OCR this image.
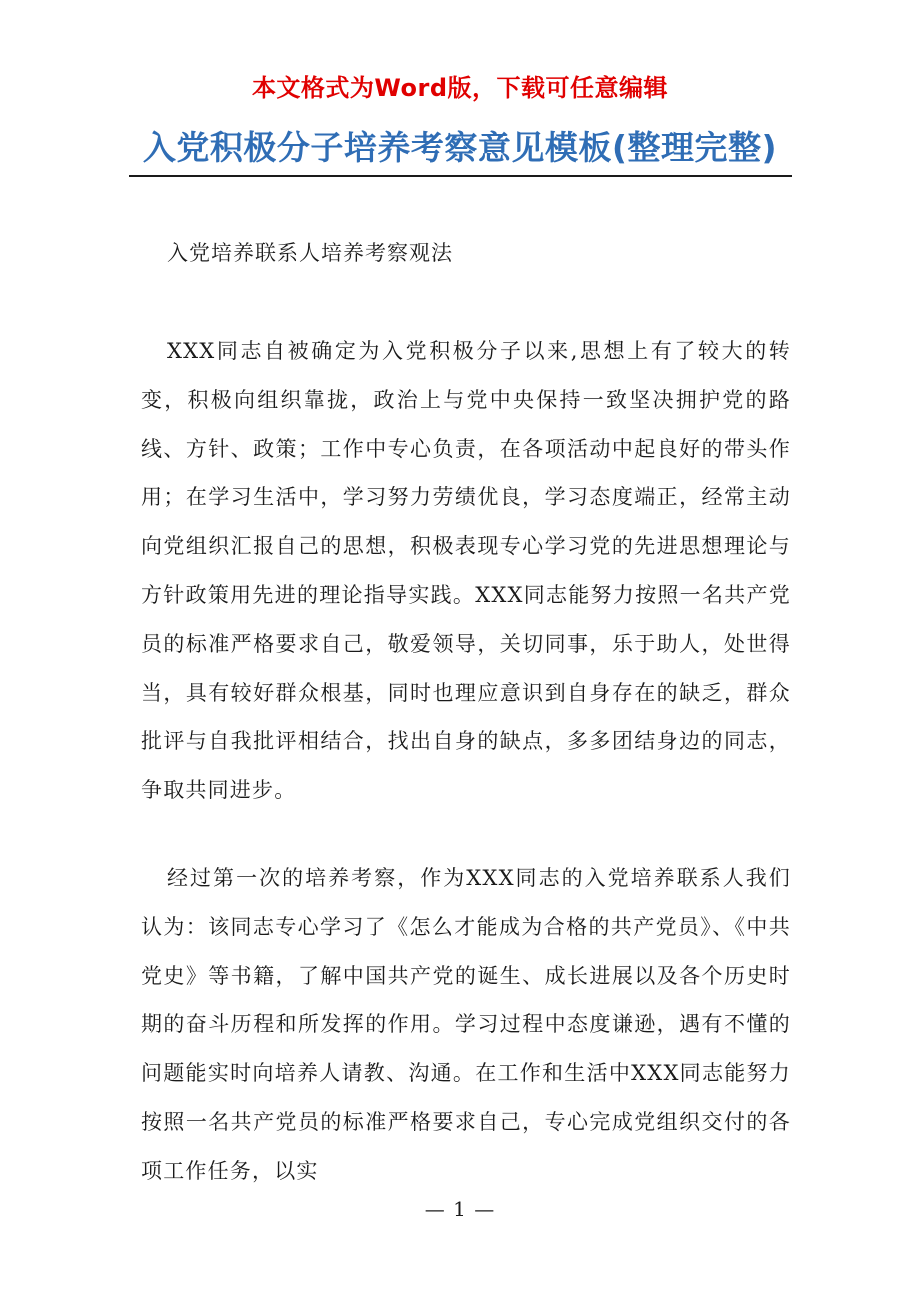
本文格式为Word版，下载可任意编辑
入党积极分子培养考察意见模板(整理完整)
入党培养联系人培养考察观法

XXX同志自被确定为入党积极分子以来,思想上有了较大的转变，积极向组织靠拢，政治上与党中央保持一致坚决拥护党的路线、方针、政策；工作中专心负责，在各项活动中起良好的带头作用；在学习生活中，学习努力劳绩优良，学习态度端正，经常主动向党组织汇报自己的思想，积极表现专心学习党的先进思想理论与方针政策用先进的理论指导实践。XXX同志能努力按照一名共产党员的标准严格要求自己，敬爱领导，关切同事，乐于助人，处世得当，具有较好群众根基，同时也理应意识到自身存在的缺乏，群众批评与自我批评相结合，找出自身的缺点，多多团结身边的同志，争取共同进步。

经过第一次的培养考察，作为XXX同志的入党培养联系人我们认为：该同志专心学习了《怎么才能成为合格的共产党员》、《中共党史》等书籍，了解中国共产党的诞生、成长进展以及各个历史时期的奋斗历程和所发挥的作用。学习过程中态度谦逊，遇有不懂的问题能实时向培养人请教、沟通。在工作和生活中XXX同志能努力按照一名共产党员的标准严格要求自己，专心完成党组织交付的各项工作任务，以实

— 1 —
